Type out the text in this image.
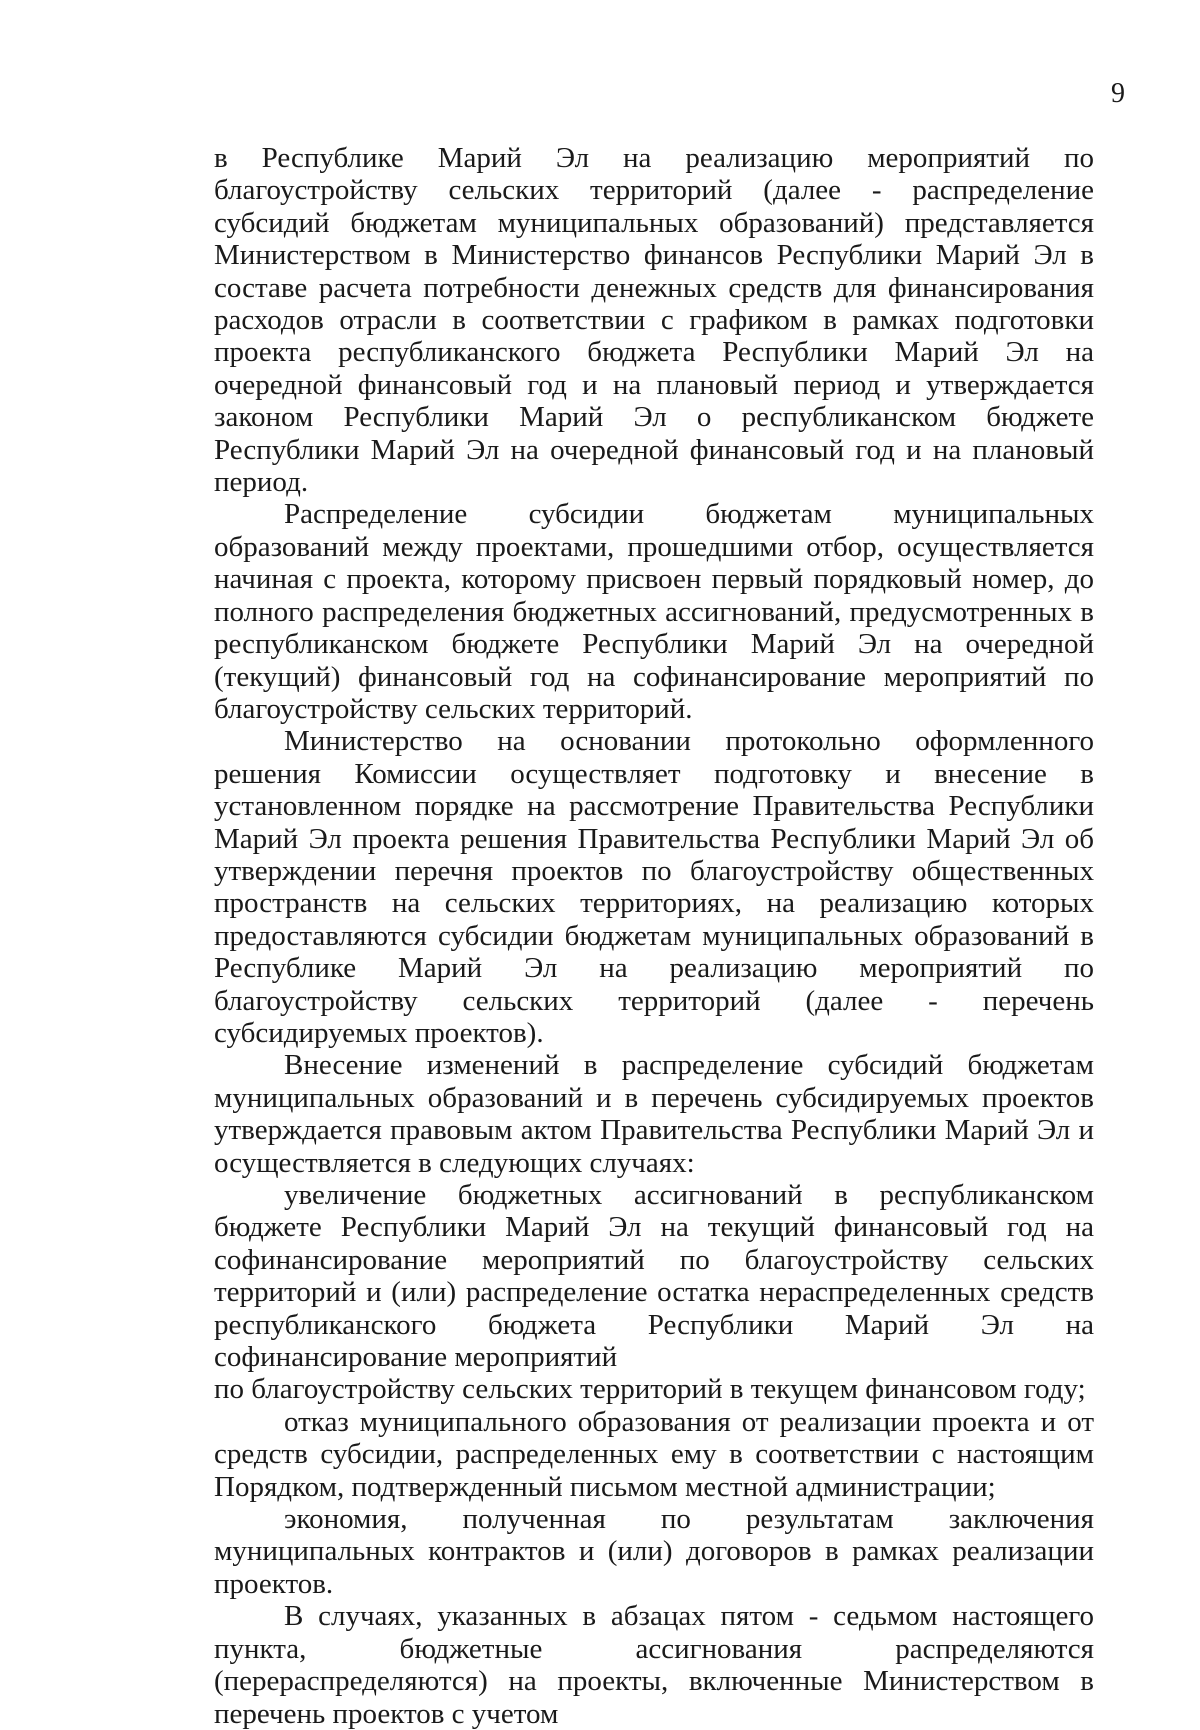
9

в Республике Марий Эл на реализацию мероприятий по благоустройству сельских территорий (далее - распределение субсидий бюджетам муниципальных образований) представляется Министерством в Министерство финансов Республики Марий Эл в составе расчета потребности денежных средств для финансирования расходов отрасли в соответствии с графиком в рамках подготовки проекта республиканского бюджета Республики Марий Эл на очередной финансовый год и на плановый период и утверждается законом Республики Марий Эл о республиканском бюджете Республики Марий Эл на очередной финансовый год и на плановый период.

Распределение субсидии бюджетам муниципальных образований между проектами, прошедшими отбор, осуществляется начиная с проекта, которому присвоен первый порядковый номер, до полного распределения бюджетных ассигнований, предусмотренных в республиканском бюджете Республики Марий Эл на очередной (текущий) финансовый год на софинансирование мероприятий по благоустройству сельских территорий.

Министерство на основании протокольно оформленного решения Комиссии осуществляет подготовку и внесение в установленном порядке на рассмотрение Правительства Республики Марий Эл проекта решения Правительства Республики Марий Эл об утверждении перечня проектов по благоустройству общественных пространств на сельских территориях, на реализацию которых предоставляются субсидии бюджетам муниципальных образований в Республике Марий Эл на реализацию мероприятий по благоустройству сельских территорий (далее - перечень субсидируемых проектов).

Внесение изменений в распределение субсидий бюджетам муниципальных образований и в перечень субсидируемых проектов утверждается правовым актом Правительства Республики Марий Эл и осуществляется в следующих случаях:

увеличение бюджетных ассигнований в республиканском бюджете Республики Марий Эл на текущий финансовый год на софинансирование мероприятий по благоустройству сельских территорий и (или) распределение остатка нераспределенных средств республиканского бюджета Республики Марий Эл на софинансирование мероприятий

по благоустройству сельских территорий в текущем финансовом году;

отказ муниципального образования от реализации проекта и от средств субсидии, распределенных ему в соответствии с настоящим Порядком, подтвержденный письмом местной администрации;

экономия, полученная по результатам заключения муниципальных контрактов и (или) договоров в рамках реализации проектов.

В случаях, указанных в абзацах пятом - седьмом настоящего пункта, бюджетные ассигнования распределяются (перераспределяются) на проекты, включенные Министерством в перечень проектов с учетом
